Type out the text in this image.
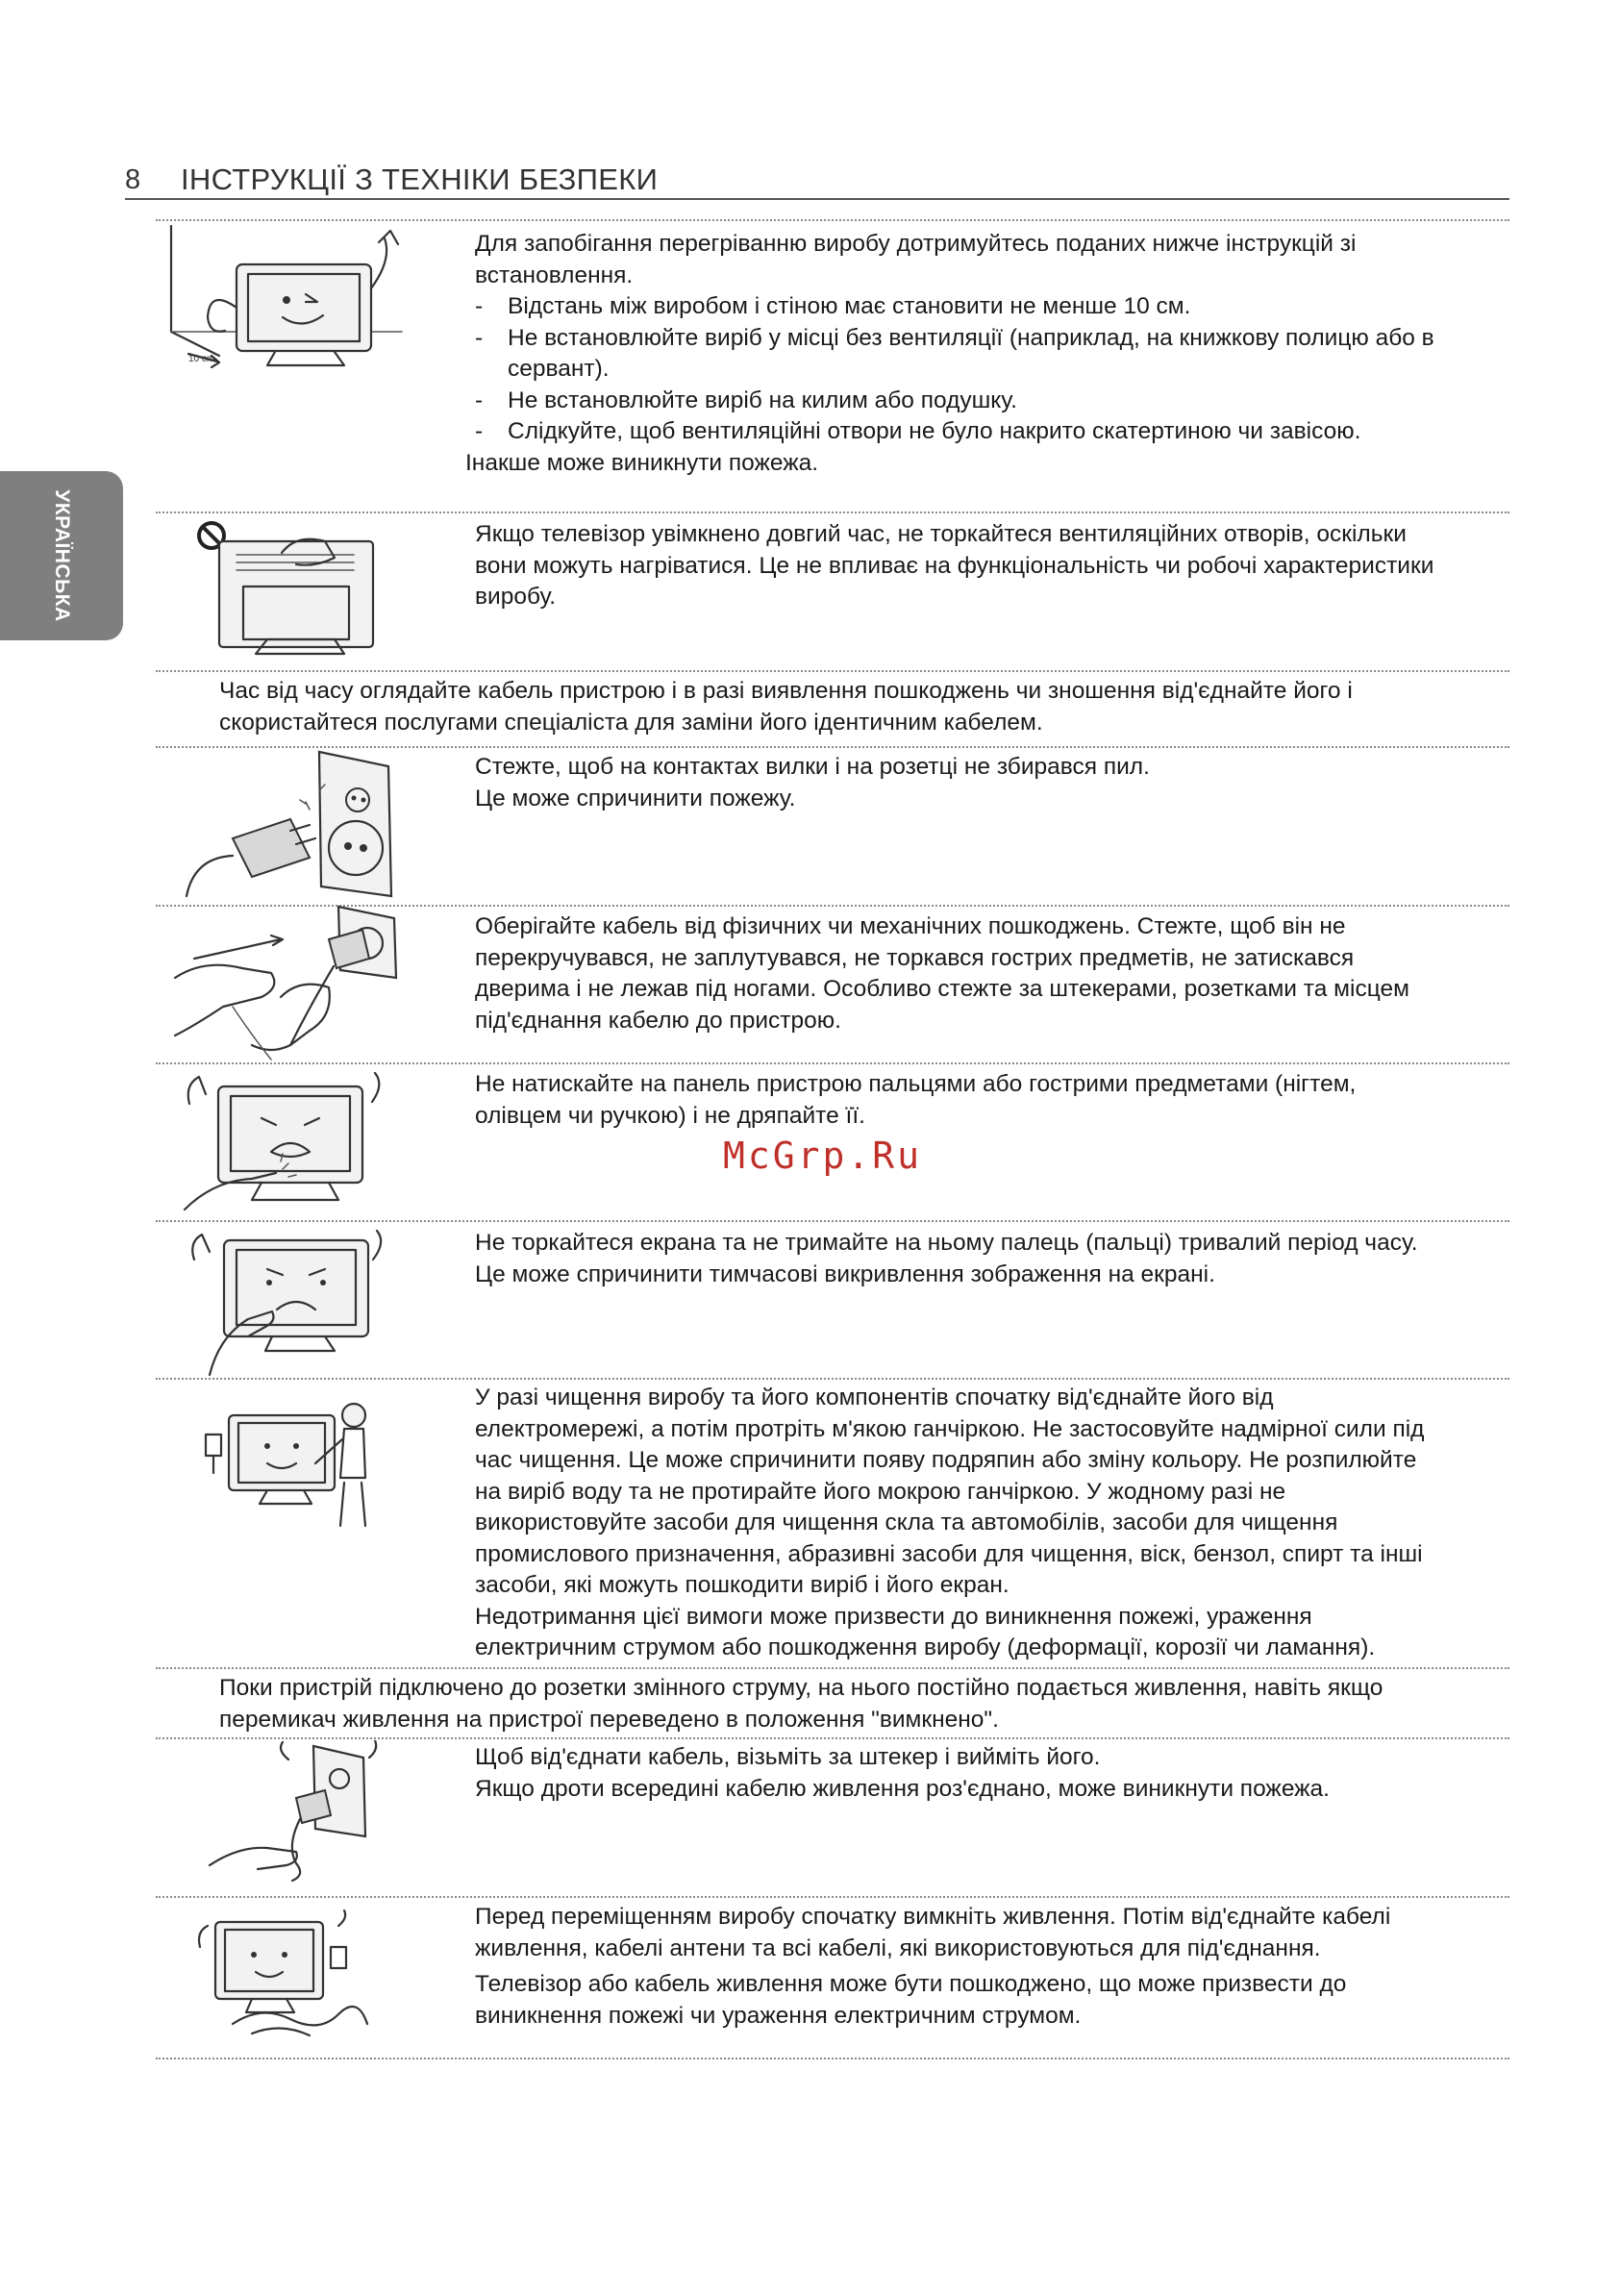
8 ІНСТРУКЦІЇ З ТЕХНІКИ БЕЗПЕКИ
УКРАЇНСЬКА
10 cm

Для запобігання перегріванню виробу дотримуйтесь поданих нижче інструкцій зі встановлення.

-	Відстань між виробом і стіною має становити не менше 10 см.

-	Не встановлюйте виріб у місці без вентиляції (наприклад, на книжкову полицю або в сервант).

-	Не встановлюйте виріб на килим або подушку.

-	Слідкуйте, щоб вентиляційні отвори не було накрито скатертиною чи завісою.

Інакше може виникнути пожежа.

Якщо телевізор увімкнено довгий час, не торкайтеся вентиляційних отворів, оскільки вони можуть нагріватися. Це не впливає на функціональність чи робочі характеристики виробу.

Час від часу оглядайте кабель пристрою і в разі виявлення пошкоджень чи зношення від'єднайте його і скористайтеся послугами спеціаліста для заміни його ідентичним кабелем.

Стежте, щоб на контактах вилки і на розетці не збирався пил.

Це може спричинити пожежу.

Оберігайте кабель від фізичних чи механічних пошкоджень. Стежте, щоб він не перекручувався, не заплутувався, не торкався гострих предметів, не затискався дверима і не лежав під ногами. Особливо стежте за штекерами, розетками та місцем під'єднання кабелю до пристрою.

Не натискайте на панель пристрою пальцями або гострими предметами (нігтем, олівцем чи ручкою) і не дряпайте її.

McGrp.Ru

Не торкайтеся екрана та не тримайте на ньому палець (пальці) тривалий період часу. Це може спричинити тимчасові викривлення зображення на екрані.

У разі чищення виробу та його компонентів спочатку від'єднайте його від електромережі, а потім протріть м'якою ганчіркою. Не застосовуйте надмірної сили під час чищення. Це може спричинити появу подряпин або зміну кольору. Не розпилюйте на виріб воду та не протирайте його мокрою ганчіркою. У жодному разі не використовуйте засоби для чищення скла та автомобілів, засоби для чищення промислового призначення, абразивні засоби для чищення, віск, бензол, спирт та інші засоби, які можуть пошкодити виріб і його екран.

Недотримання цієї вимоги може призвести до виникнення пожежі, ураження електричним струмом або пошкодження виробу (деформації, корозії чи ламання).

Поки пристрій підключено до розетки змінного струму, на нього постійно подається живлення, навіть якщо перемикач живлення на пристрої переведено в положення "вимкнено".

Щоб від'єднати кабель, візьміть за штекер і вийміть його.

Якщо дроти всередині кабелю живлення роз'єднано, може виникнути пожежа.

Перед переміщенням виробу спочатку вимкніть живлення. Потім від'єднайте кабелі живлення, кабелі антени та всі кабелі, які використовуються для під'єднання.

Телевізор або кабель живлення може бути пошкоджено, що може призвести до виникнення пожежі чи ураження електричним струмом.
